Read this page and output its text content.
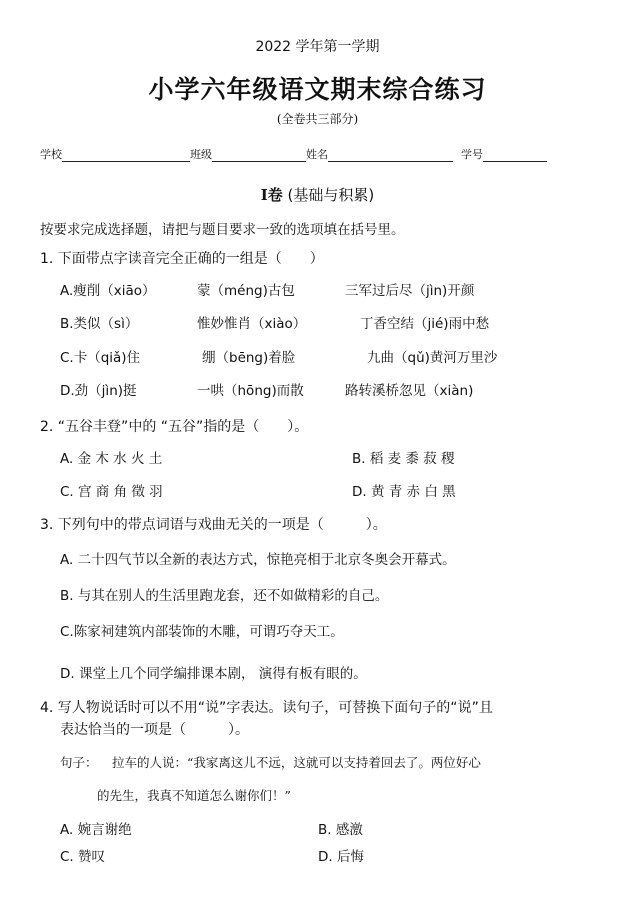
2022 学年第一学期
小学六年级语文期末综合练习
(全卷共三部分)
学校	班级	姓名	学号
I卷 (基础与积累)
按要求完成选择题，请把与题目要求一致的选项填在括号里。
1. 下面带点字读音完全正确的一组是（　　）
A.瘦削（xiāo）	蒙（méng)古包	三军过后尽（jìn)开颜
B.类似（sì）	惟妙惟肖（xiào）	丁香空结（jié)雨中愁
C.卡（qiǎ)住	绷（bēng)着脸	九曲（qǔ)黄河万里沙
D.劲（jìn)挺	一哄（hōng)而散	路转溪桥忽见（xiàn)
2. “五谷丰登”中的 “五谷”指的是（　　）。
A. 金 木 水 火 土	B. 稻 麦 黍 菽 稷
C. 宫 商 角 徵 羽	D. 黄 青 赤 白 黑
3. 下列句中的带点词语与戏曲无关的一项是（　　　）。
A. 二十四气节以全新的表达方式，惊艳亮相于北京冬奥会开幕式。
B. 与其在别人的生活里跑龙套，还不如做精彩的自己。
C.陈家祠建筑内部装饰的木雕，可谓巧夺天工。
D. 课堂上几个同学编排课本剧， 演得有板有眼的。
4. 写人物说话时可以不用“说”字表达。读句子，可替换下面句子的“说”且
表达恰当的一项是（　　　）。
句子： 拉车的人说：“我家离这儿不远，这就可以支持着回去了。两位好心
的先生，我真不知道怎么谢你们！”
A. 婉言谢绝	B. 感激
C. 赞叹	D. 后悔
